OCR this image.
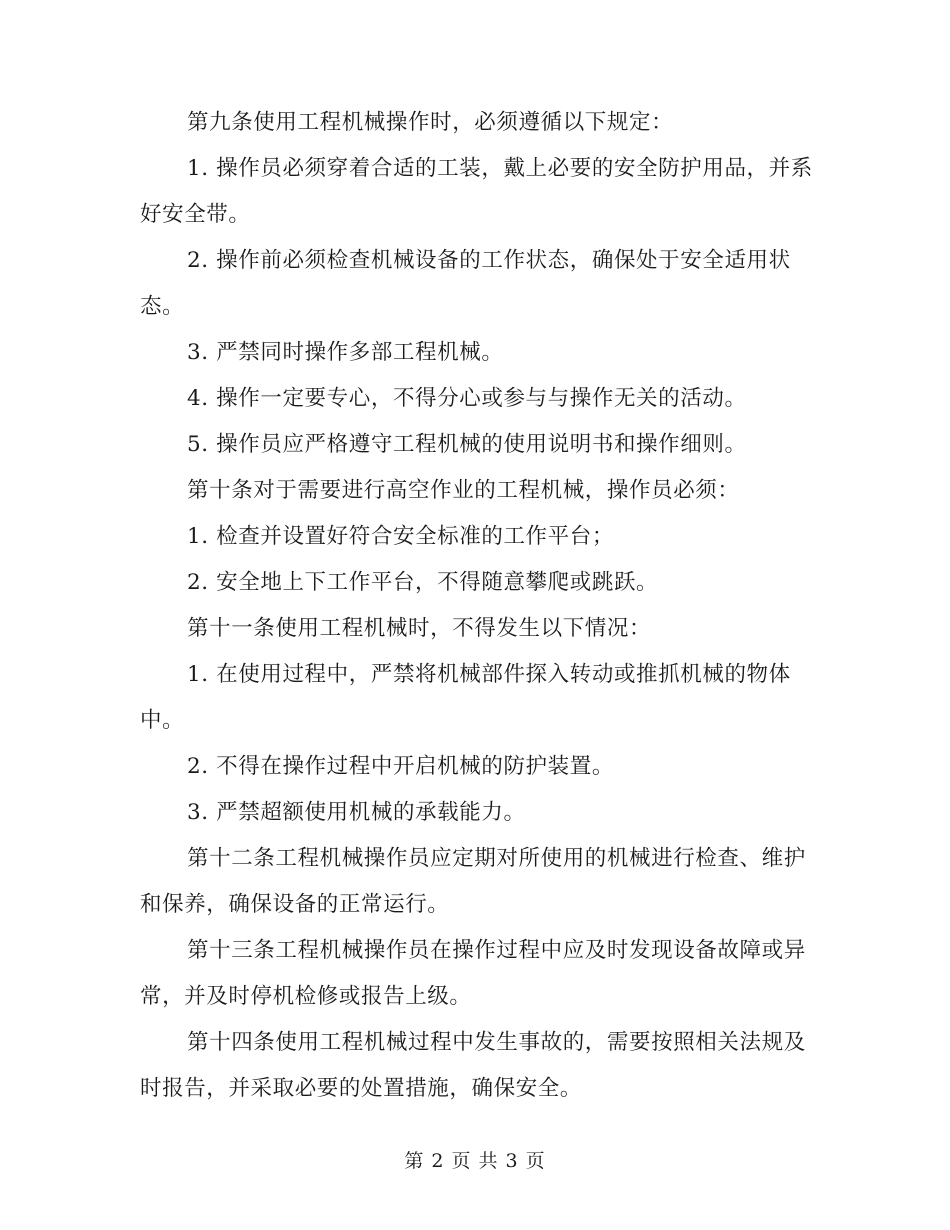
第九条使用工程机械操作时，必须遵循以下规定：

1. 操作员必须穿着合适的工装，戴上必要的安全防护用品，并系好安全带。

2. 操作前必须检查机械设备的工作状态，确保处于安全适用状态。

3. 严禁同时操作多部工程机械。

4. 操作一定要专心，不得分心或参与与操作无关的活动。

5. 操作员应严格遵守工程机械的使用说明书和操作细则。

第十条对于需要进行高空作业的工程机械，操作员必须：

1. 检查并设置好符合安全标准的工作平台；

2. 安全地上下工作平台，不得随意攀爬或跳跃。

第十一条使用工程机械时，不得发生以下情况：

1. 在使用过程中，严禁将机械部件探入转动或推抓机械的物体中。

2. 不得在操作过程中开启机械的防护装置。

3. 严禁超额使用机械的承载能力。

第十二条工程机械操作员应定期对所使用的机械进行检查、维护和保养，确保设备的正常运行。

第十三条工程机械操作员在操作过程中应及时发现设备故障或异常，并及时停机检修或报告上级。

第十四条使用工程机械过程中发生事故的，需要按照相关法规及时报告，并采取必要的处置措施，确保安全。

第 2 页 共 3 页
